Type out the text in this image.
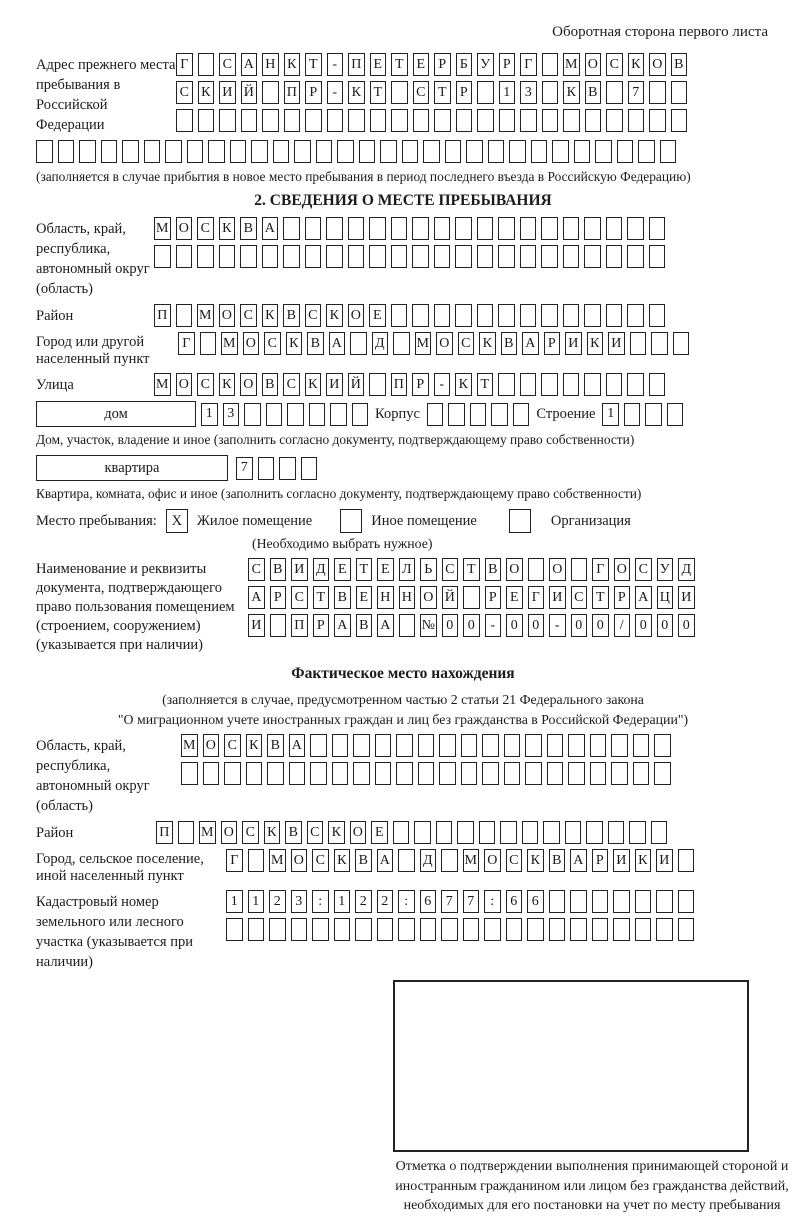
Оборотная сторона первого листа
Адрес прежнего места пребывания в Российской Федерации
Г	С А Н К Т	-	П Е Т Е Р Б У Р Г	М О С К О В
С К И Й П Р	-	К Т С Т Р	1	3	К В	7
(заполняется в случае прибытия в новое место пребывания в период последнего въезда в Российскую Федерацию)
2. СВЕДЕНИЯ О МЕСТЕ ПРЕБЫВАНИЯ
Область, край, республика, автономный округ (область)
М О С К В А
Район	П М О С К В С К О Е
Город или другой населенный пункт
Г	М О С К В А Д М О С К В А Р И К И
Улица	М О С К О В С К И Й П Р	-	К Т
дом	1	3	Корпус	Строение 1
Дом, участок, владение и иное (заполнить согласно документу, подтверждающему право собственности)
квартира	7
Квартира, комната, офис и иное (заполнить согласно документу, подтверждающему право собственности)
Место пребывания:	X	Жилое помещение	Иное помещение	Организация
(Необходимо выбрать нужное)
Наименование и реквизиты документа, подтверждающего право пользования помещением (строением, сооружением) (указывается при наличии)
С В И Д Е Т Е Л Ь С Т В О О	Г О С У Д
А Р С Т В Е Н Н О Й	Р Е Г И С Т Р А Ц И
И П Р А В А № 0	0	-	0	0	-	0	0	/	0	0	0
Фактическое место нахождения
(заполняется в случае, предусмотренном частью 2 статьи 21 Федерального закона
"О миграционном учете иностранных граждан и лиц без гражданства в Российской Федерации")
Область, край, республика, автономный округ (область)
М О С К В А
Район	П М О С К В С К О Е
Город, сельское поселение, иной населенный пункт
Г	М О С К В А Д М О С К В А Р И К И
Кадастровый номер земельного или лесного участка (указывается при наличии)
1	1	2	3	:	1	2	2	:	6	7	7	:	6	6
Отметка о подтверждении выполнения принимающей стороной и иностранным гражданином или лицом без гражданства действий, необходимых для его постановки на учет по месту пребывания
